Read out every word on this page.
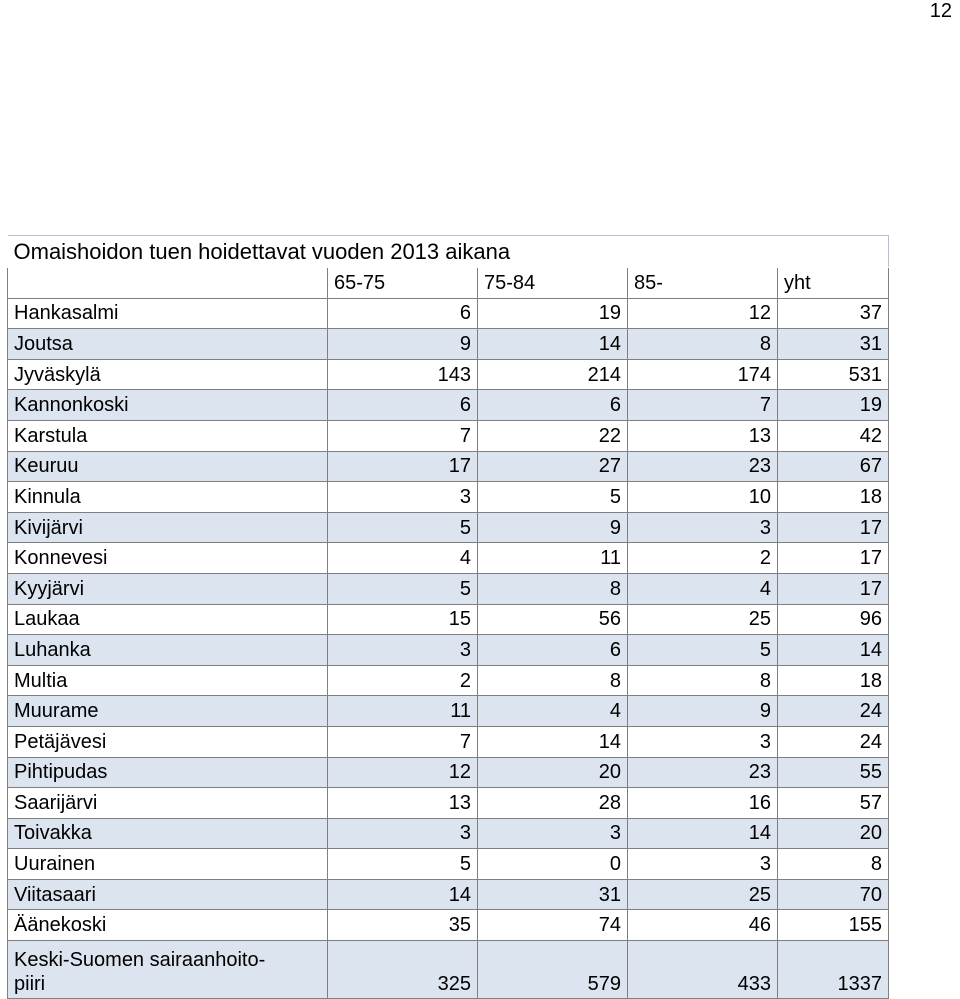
12
Omaishoidon tuen hoidettavat vuoden 2013 aikana				
	65-75	75-84	85-	yht
Hankasalmi	6	19	12	37
Joutsa	9	14	8	31
Jyväskylä	143	214	174	531
Kannonkoski	6	6	7	19
Karstula	7	22	13	42
Keuruu	17	27	23	67
Kinnula	3	5	10	18
Kivijärvi	5	9	3	17
Konnevesi	4	11	2	17
Kyyjärvi	5	8	4	17
Laukaa	15	56	25	96
Luhanka	3	6	5	14
Multia	2	8	8	18
Muurame	11	4	9	24
Petäjävesi	7	14	3	24
Pihtipudas	12	20	23	55
Saarijärvi	13	28	16	57
Toivakka	3	3	14	20
Uurainen	5	0	3	8
Viitasaari	14	31	25	70
Äänekoski	35	74	46	155

Keski-Suomen sairaanhoito-
piiri	325	579	433	1337
